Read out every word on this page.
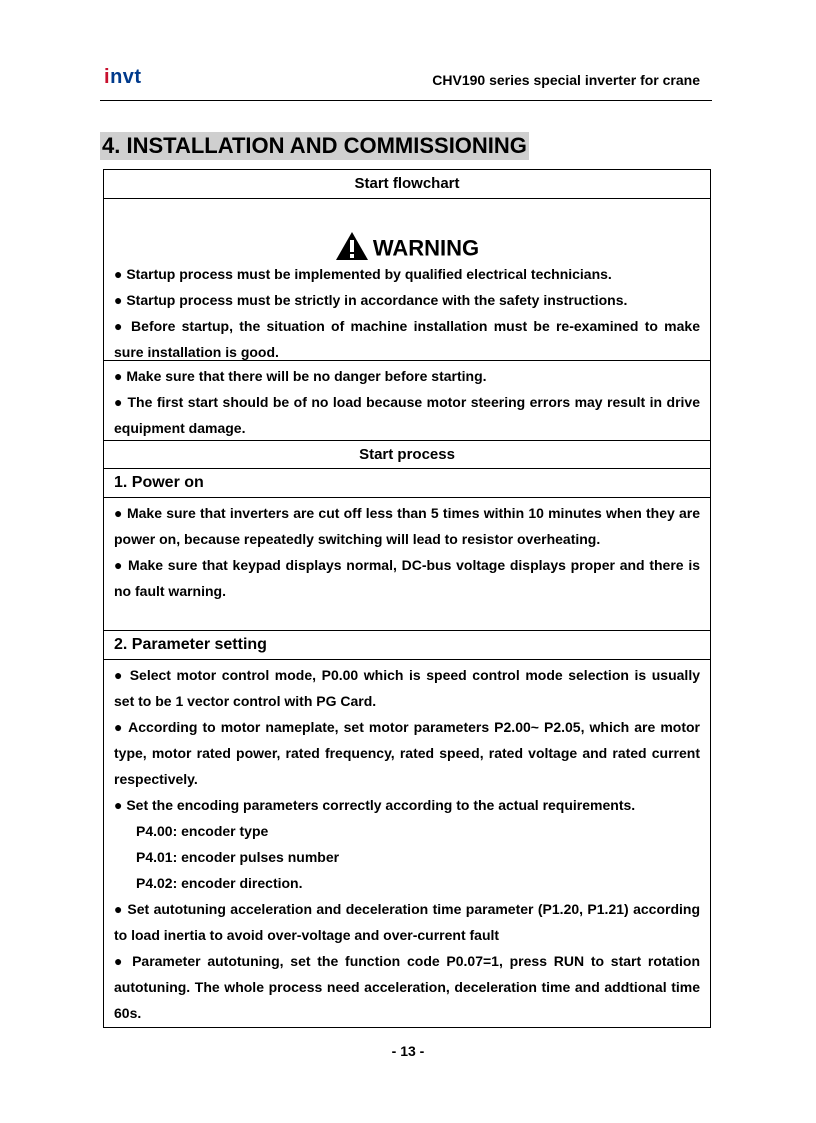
invt	CHV190 series special inverter for crane
4. INSTALLATION AND COMMISSIONING
Start flowchart
WARNING
● Startup process must be implemented by qualified electrical technicians.
● Startup process must be strictly in accordance with the safety instructions.
● Before startup, the situation of machine installation must be re-examined to make sure installation is good.
● Make sure that there will be no danger before starting.
● The first start should be of no load because motor steering errors may result in drive equipment damage.
Start process
1. Power on
● Make sure that inverters are cut off less than 5 times within 10 minutes when they are power on, because repeatedly switching will lead to resistor overheating.
● Make sure that keypad displays normal, DC-bus voltage displays proper and there is no fault warning.
2. Parameter setting
● Select motor control mode, P0.00 which is speed control mode selection is usually set to be 1 vector control with PG Card.
● According to motor nameplate, set motor parameters P2.00~ P2.05, which are motor type, motor rated power, rated frequency, rated speed, rated voltage and rated current respectively.
● Set the encoding parameters correctly according to the actual requirements.
P4.00: encoder type
P4.01: encoder pulses number
P4.02: encoder direction.
● Set autotuning acceleration and deceleration time parameter (P1.20, P1.21) according to load inertia to avoid over-voltage and over-current fault
● Parameter autotuning, set the function code P0.07=1, press RUN to start rotation autotuning. The whole process need acceleration, deceleration time and addtional time 60s.
- 13 -
